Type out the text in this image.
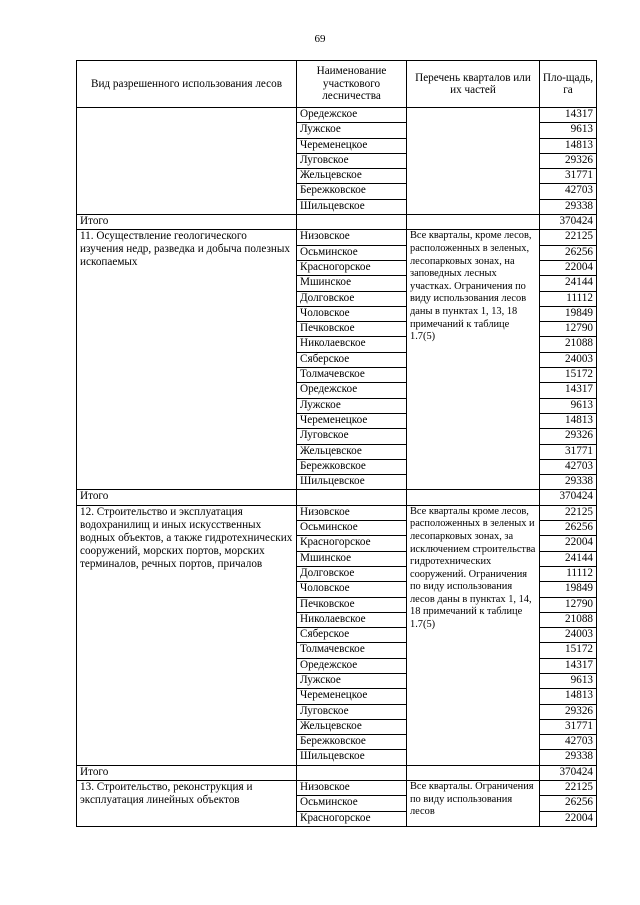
69
Вид разрешенного использования лесов	Наименование участкового лесничества	Перечень кварталов или их частей	Пло-щадь, га
	Оредежское		14317
	Лужское		9613
	Череменецкое		14813
	Луговское		29326
	Жельцевское		31771
	Бережковское		42703
	Шильцевское		29338
Итого			370424
11. Осуществление геологического изучения недр, разведка и добыча полезных ископаемых	Низовское	Все кварталы, кроме лесов, расположенных в зеленых, лесопарковых зонах, на заповедных лесных участках. Ограничения по виду использования лесов даны в пунктах 1, 13, 18 примечаний к таблице 1.7(5)	22125
	Осьминское		26256
	Красногорское		22004
	Мшинское		24144
	Долговское		11112
	Чоловское		19849
	Печковское		12790
	Николаевское		21088
	Сяберское		24003
	Толмачевское		15172
	Оредежское		14317
	Лужское		9613
	Череменецкое		14813
	Луговское		29326
	Жельцевское		31771
	Бережковское		42703
	Шильцевское		29338
Итого			370424
12. Строительство и эксплуатация водохранилищ и иных искусственных водных объектов, а также гидротехнических сооружений, морских портов, морских терминалов, речных портов, причалов	Низовское	Все кварталы кроме лесов, расположенных в зеленых и лесопарковых зонах, за исключением строительства гидротехнических сооружений. Ограничения по виду использования лесов даны в пунктах 1, 14, 18 примечаний к таблице 1.7(5)	22125
	Осьминское		26256
	Красногорское		22004
	Мшинское		24144
	Долговское		11112
	Чоловское		19849
	Печковское		12790
	Николаевское		21088
	Сяберское		24003
	Толмачевское		15172
	Оредежское		14317
	Лужское		9613
	Череменецкое		14813
	Луговское		29326
	Жельцевское		31771
	Бережковское		42703
	Шильцевское		29338
Итого			370424
13. Строительство, реконструкция и эксплуатация линейных объектов	Низовское	Все кварталы. Ограничения по виду использования лесов	22125
	Осьминское		26256
	Красногорское		22004
